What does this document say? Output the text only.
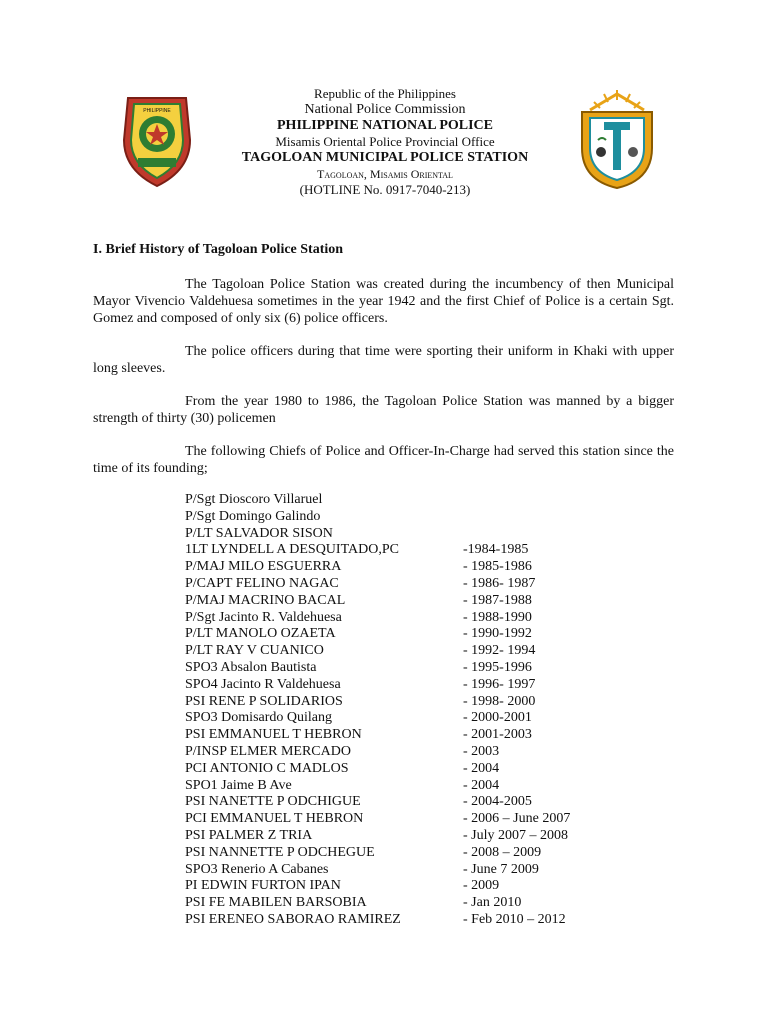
PHILIPPINE
Republic of the Philippines
National Police Commission
PHILIPPINE NATIONAL POLICE
Misamis Oriental Police Provincial Office
TAGOLOAN MUNICIPAL POLICE STATION
Tagoloan, Misamis Oriental
(HOTLINE No. 0917-7040-213)
I. Brief History of Tagoloan Police Station
The Tagoloan Police Station was created during the incumbency of then Municipal Mayor Vivencio Valdehuesa sometimes in the year 1942 and the first Chief of Police is a certain Sgt. Gomez and composed of only six (6) police officers.
The police officers during that time were sporting their uniform in Khaki with upper long sleeves.
From the year 1980 to 1986, the Tagoloan Police Station was manned by a bigger strength of thirty (30) policemen
The following Chiefs of Police and Officer-In-Charge had served this station since the time of its founding;
P/Sgt Dioscoro Villaruel
P/Sgt Domingo Galindo
P/LT SALVADOR SISON
1LT LYNDELL A DESQUITADO,PC	-1984-1985
P/MAJ MILO ESGUERRA	- 1985-1986
P/CAPT FELINO NAGAC	- 1986- 1987
P/MAJ MACRINO BACAL	- 1987-1988
P/Sgt Jacinto R. Valdehuesa	- 1988-1990
P/LT MANOLO OZAETA	- 1990-1992
P/LT RAY V CUANICO	- 1992- 1994
SPO3 Absalon Bautista	- 1995-1996
SPO4 Jacinto R Valdehuesa	- 1996- 1997
PSI RENE P SOLIDARIOS	- 1998- 2000
SPO3 Domisardo Quilang	- 2000-2001
PSI EMMANUEL T HEBRON	- 2001-2003
P/INSP ELMER MERCADO	- 2003
PCI ANTONIO C MADLOS	- 2004
SPO1 Jaime B Ave	- 2004
PSI NANETTE P ODCHIGUE	- 2004-2005
PCI EMMANUEL T HEBRON	- 2006 – June 2007
PSI PALMER Z TRIA	- July 2007 – 2008
PSI NANNETTE P ODCHEGUE	- 2008 – 2009
SPO3 Renerio A Cabanes	- June 7 2009
PI EDWIN FURTON IPAN	- 2009
PSI FE MABILEN BARSOBIA	- Jan 2010
PSI ERENEO SABORAO RAMIREZ	- Feb 2010 – 2012
